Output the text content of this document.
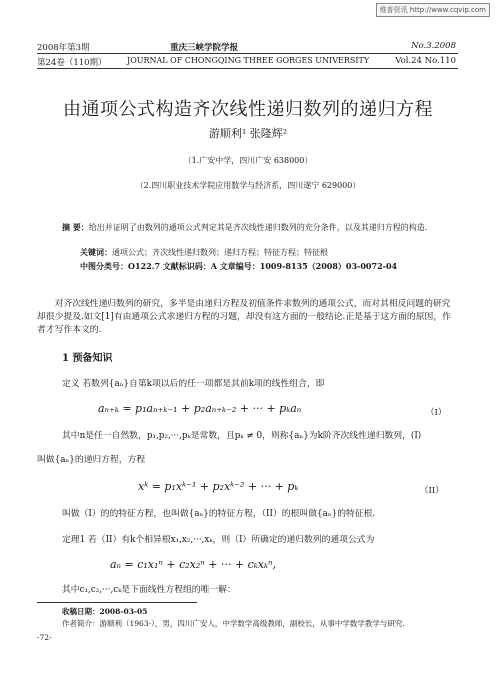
维普资讯 http://www.cqvip.com
2008年第3期	重庆三峡学院学报	No.3.2008
第24卷（110期）	JOURNAL OF CHONGQING THREE GORGES UNIVERSITY	Vol.24 No.110
由通项公式构造齐次线性递归数列的递归方程
游顺利¹ 张隆辉²
（1.广安中学，四川广安 638000）
（2.四川职业技术学院应用数学与经济系，四川遂宁 629000）
摘 要：给出并证明了由数列的通项公式判定其是齐次线性递归数列的充分条件，以及其递归方程的构造．
关键词：通项公式；齐次线性递归数列；递归方程；特征方程；特征根
中图分类号：O122.7 文献标识码：A 文章编号：1009-8135（2008）03-0072-04
对齐次线性递归数列的研究，多半是由递归方程及初值条件求数列的通项公式，而对其相反问题的研究却很少提及.如文[1]有由通项公式求递归方程的习题，却没有这方面的一般结论.正是基于这方面的原因，作者才写作本文的.
1 预备知识
定义 若数列{aₙ}自第k项以后的任一项都是其前k项的线性组合，即
aₙ₊ₖ = p₁aₙ₊ₖ₋₁ + p₂aₙ₊ₖ₋₂ + ··· + pₖaₙ	（I）
其中n是任一自然数，p₁,p₂,···,pₖ是常数，且pₖ ≠ 0，则称{aₙ}为k阶齐次线性递归数列，(I)
叫做{aₙ}的递归方程，方程
xᵏ = p₁xᵏ⁻¹ + p₂xᵏ⁻² + ··· + pₖ	（II）
叫做（I）的的特征方程，也叫做{aₙ}的特征方程，（II）的根叫做{aₙ}的特征根.
定理1 若（II）有k个相异根x₁,x₂,···,xₖ，则（I）所确定的递归数列的通项公式为
aₙ = c₁x₁ⁿ + c₂x₂ⁿ + ··· + cₖxₖⁿ,
其中c₁,c₂,···,cₖ是下面线性方程组的唯一解：
收稿日期：2008-03-05
作者简介：游顺利（1963-），男，四川广安人，中学数学高级教师，副校长，从事中学数学教学与研究.
-72-
